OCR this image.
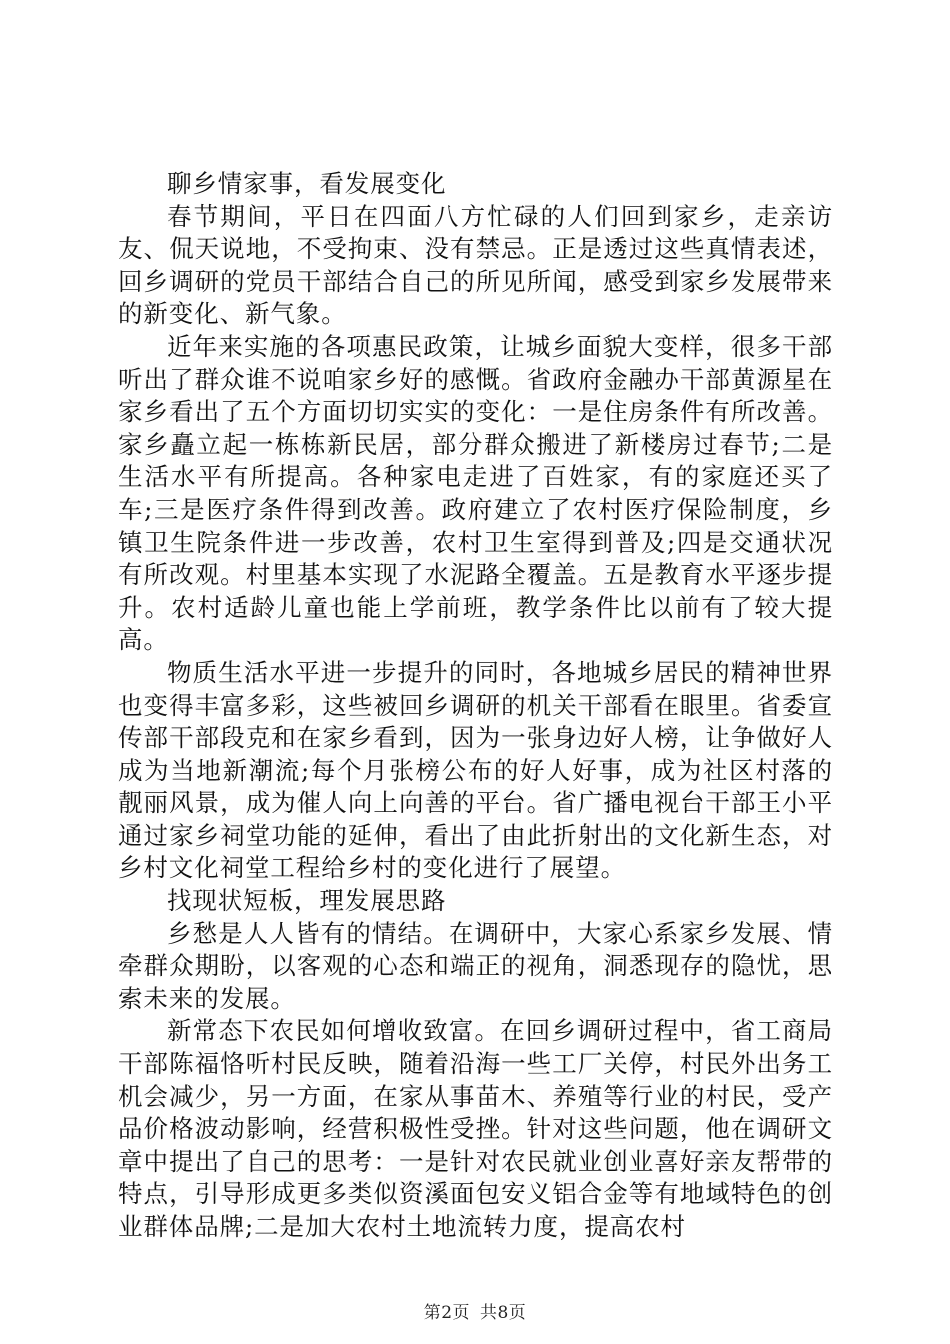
聊乡情家事，看发展变化

春节期间，平日在四面八方忙碌的人们回到家乡，走亲访友、侃天说地，不受拘束、没有禁忌。正是透过这些真情表述，回乡调研的党员干部结合自己的所见所闻，感受到家乡发展带来的新变化、新气象。

近年来实施的各项惠民政策，让城乡面貌大变样，很多干部听出了群众谁不说咱家乡好的感慨。省政府金融办干部黄源星在家乡看出了五个方面切切实实的变化：一是住房条件有所改善。家乡矗立起一栋栋新民居，部分群众搬进了新楼房过春节;二是生活水平有所提高。各种家电走进了百姓家，有的家庭还买了车;三是医疗条件得到改善。政府建立了农村医疗保险制度，乡镇卫生院条件进一步改善，农村卫生室得到普及;四是交通状况有所改观。村里基本实现了水泥路全覆盖。五是教育水平逐步提升。农村适龄儿童也能上学前班，教学条件比以前有了较大提高。

物质生活水平进一步提升的同时，各地城乡居民的精神世界也变得丰富多彩，这些被回乡调研的机关干部看在眼里。省委宣传部干部段克和在家乡看到，因为一张身边好人榜，让争做好人成为当地新潮流;每个月张榜公布的好人好事，成为社区村落的靓丽风景，成为催人向上向善的平台。省广播电视台干部王小平通过家乡祠堂功能的延伸，看出了由此折射出的文化新生态，对乡村文化祠堂工程给乡村的变化进行了展望。

找现状短板，理发展思路

乡愁是人人皆有的情结。在调研中，大家心系家乡发展、情牵群众期盼，以客观的心态和端正的视角，洞悉现存的隐忧，思索未来的发展。

新常态下农民如何增收致富。在回乡调研过程中，省工商局干部陈福恪听村民反映，随着沿海一些工厂关停，村民外出务工机会减少，另一方面，在家从事苗木、养殖等行业的村民，受产品价格波动影响，经营积极性受挫。针对这些问题，他在调研文章中提出了自己的思考：一是针对农民就业创业喜好亲友帮带的特点，引导形成更多类似资溪面包安义铝合金等有地域特色的创业群体品牌;二是加大农村土地流转力度，提高农村

第2页 共8页
